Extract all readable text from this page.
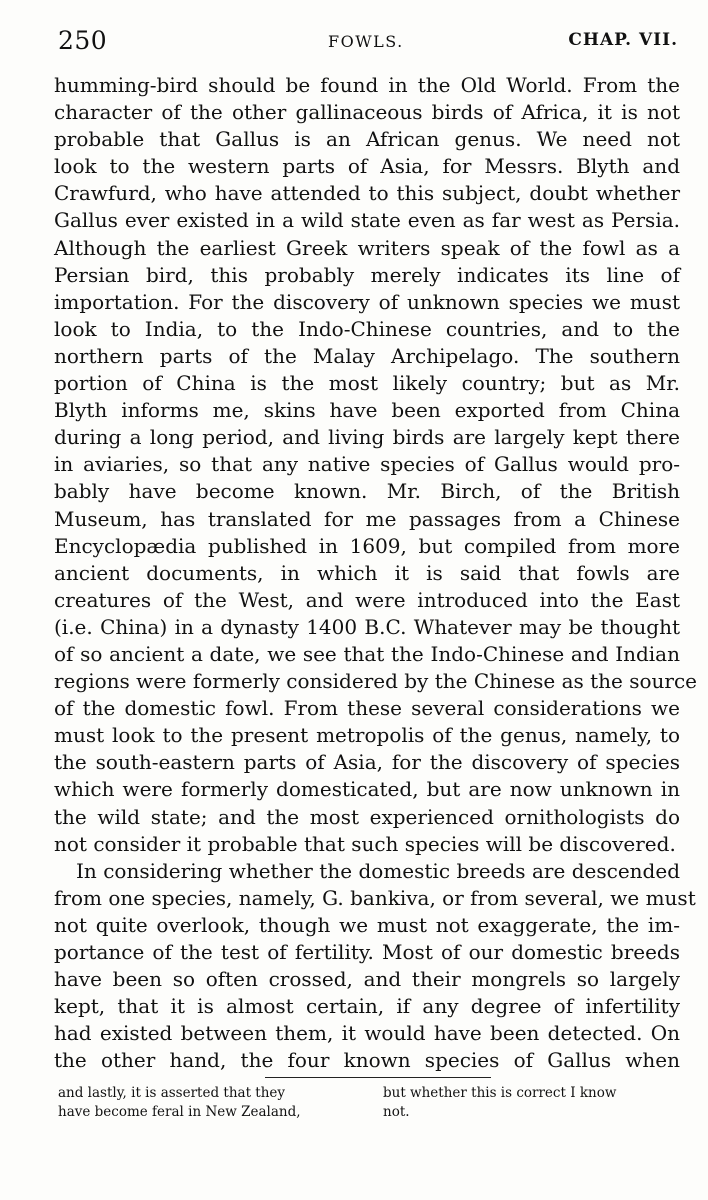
250	FOWLS.	CHAP. VII.
humming-bird should be found in the Old World. From the
character of the other gallinaceous birds of Africa, it is not
probable that Gallus is an African genus. We need not
look to the western parts of Asia, for Messrs. Blyth and
Crawfurd, who have attended to this subject, doubt whether
Gallus ever existed in a wild state even as far west as Persia.
Although the earliest Greek writers speak of the fowl as a
Persian bird, this probably merely indicates its line of
importation. For the discovery of unknown species we must
look to India, to the Indo-Chinese countries, and to the
northern parts of the Malay Archipelago. The southern
portion of China is the most likely country; but as Mr.
Blyth informs me, skins have been exported from China
during a long period, and living birds are largely kept there
in aviaries, so that any native species of Gallus would pro-
bably have become known. Mr. Birch, of the British
Museum, has translated for me passages from a Chinese
Encyclopædia published in 1609, but compiled from more
ancient documents, in which it is said that fowls are
creatures of the West, and were introduced into the East
(i.e. China) in a dynasty 1400 B.C. Whatever may be thought
of so ancient a date, we see that the Indo-Chinese and Indian
regions were formerly considered by the Chinese as the source
of the domestic fowl. From these several considerations we
must look to the present metropolis of the genus, namely, to
the south-eastern parts of Asia, for the discovery of species
which were formerly domesticated, but are now unknown in
the wild state; and the most experienced ornithologists do
not consider it probable that such species will be discovered.
In considering whether the domestic breeds are descended
from one species, namely, G. bankiva, or from several, we must
not quite overlook, though we must not exaggerate, the im-
portance of the test of fertility. Most of our domestic breeds
have been so often crossed, and their mongrels so largely
kept, that it is almost certain, if any degree of infertility
had existed between them, it would have been detected. On
the other hand, the four known species of Gallus when
and lastly, it is asserted that they
have become feral in New Zealand,
but whether this is correct I know
not.
